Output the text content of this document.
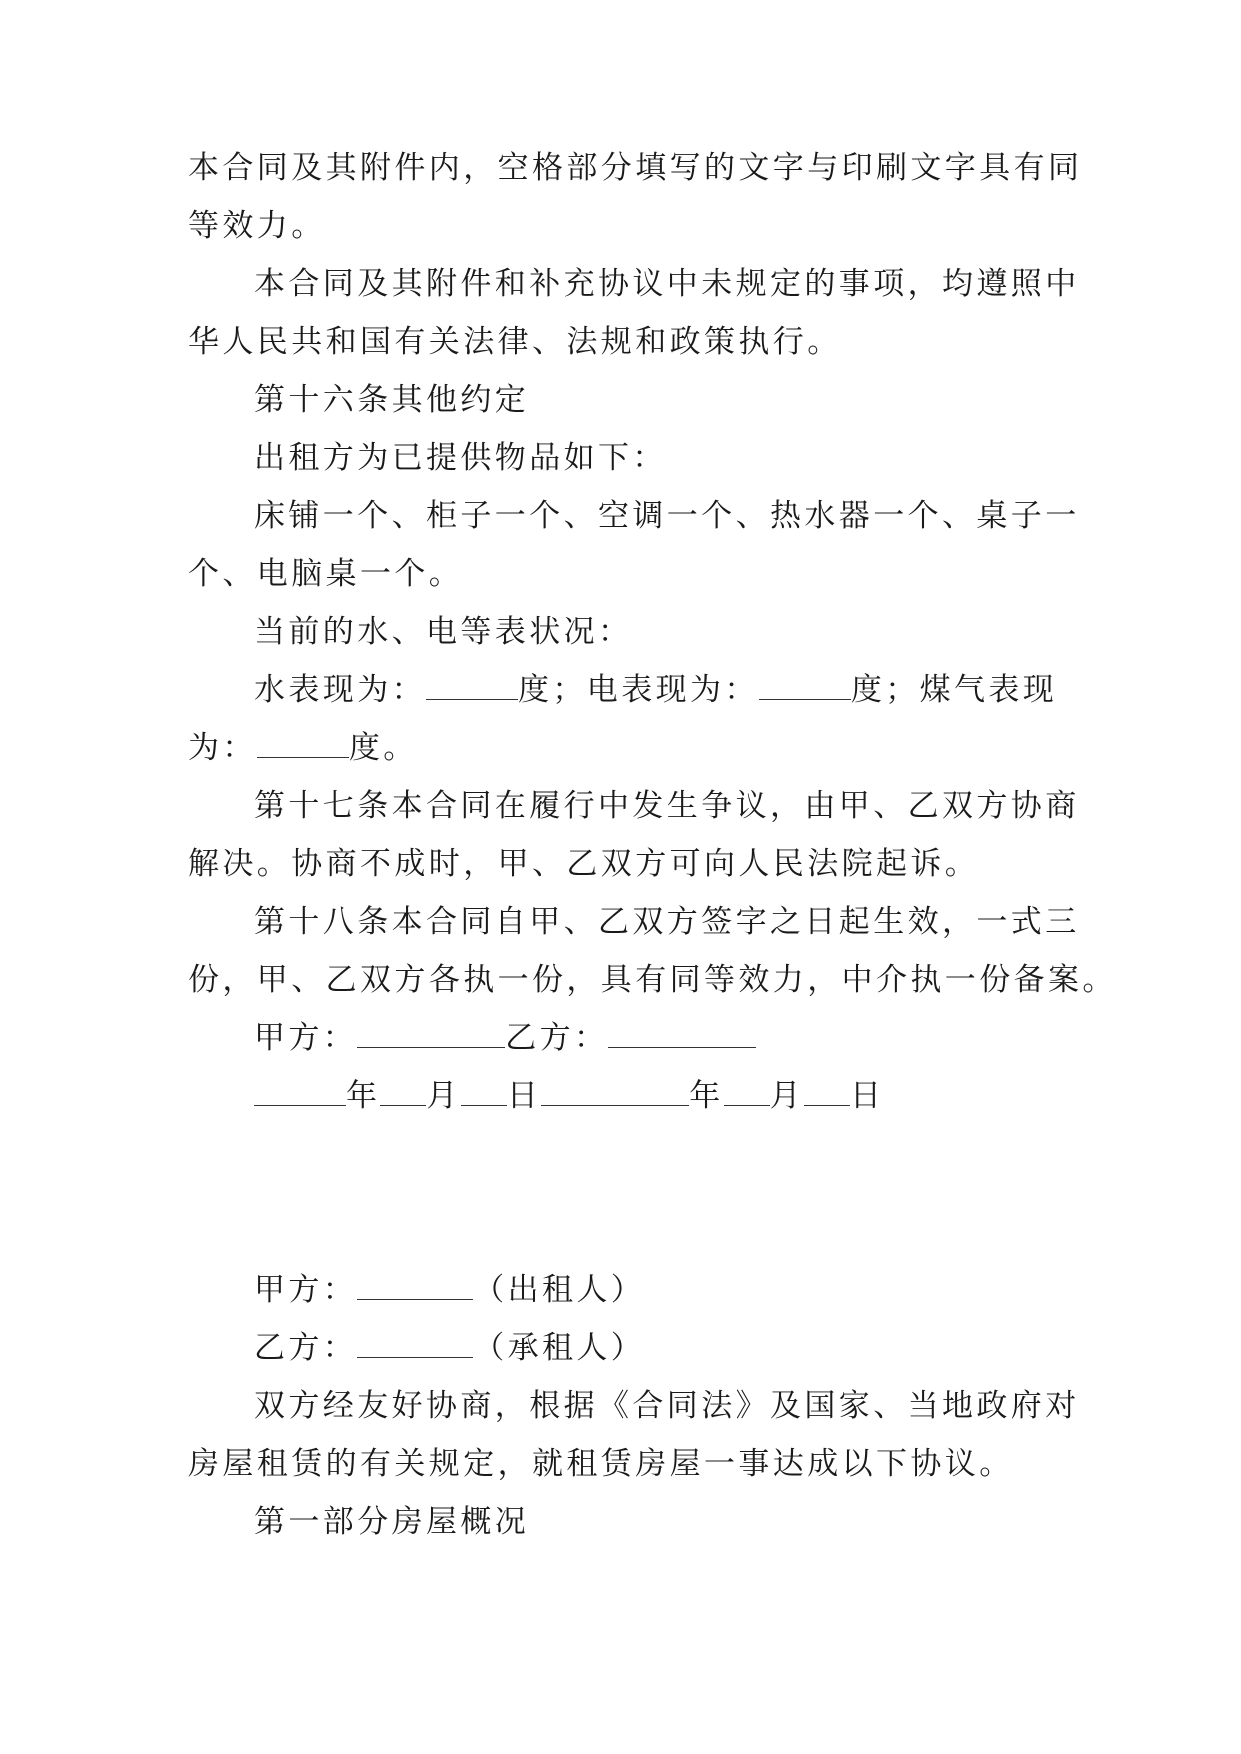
本合同及其附件内，空格部分填写的文字与印刷文字具有同
等效力。
本合同及其附件和补充协议中未规定的事项，均遵照中
华人民共和国有关法律、法规和政策执行。
第十六条其他约定
出租方为已提供物品如下：
床铺一个、柜子一个、空调一个、热水器一个、桌子一
个、电脑桌一个。
当前的水、电等表状况：
水表现为：	度；电表现为：	度；煤气表现
为：	度。
第十七条本合同在履行中发生争议，由甲、乙双方协商
解决。协商不成时，甲、乙双方可向人民法院起诉。
第十八条本合同自甲、乙双方签字之日起生效，一式三
份，甲、乙双方各执一份，具有同等效力，中介执一份备案。
甲方：	乙方：
年 月 日	年 月 日
甲方：	（出租人）
乙方：	（承租人）
双方经友好协商，根据《合同法》及国家、当地政府对
房屋租赁的有关规定，就租赁房屋一事达成以下协议。
第一部分房屋概况
